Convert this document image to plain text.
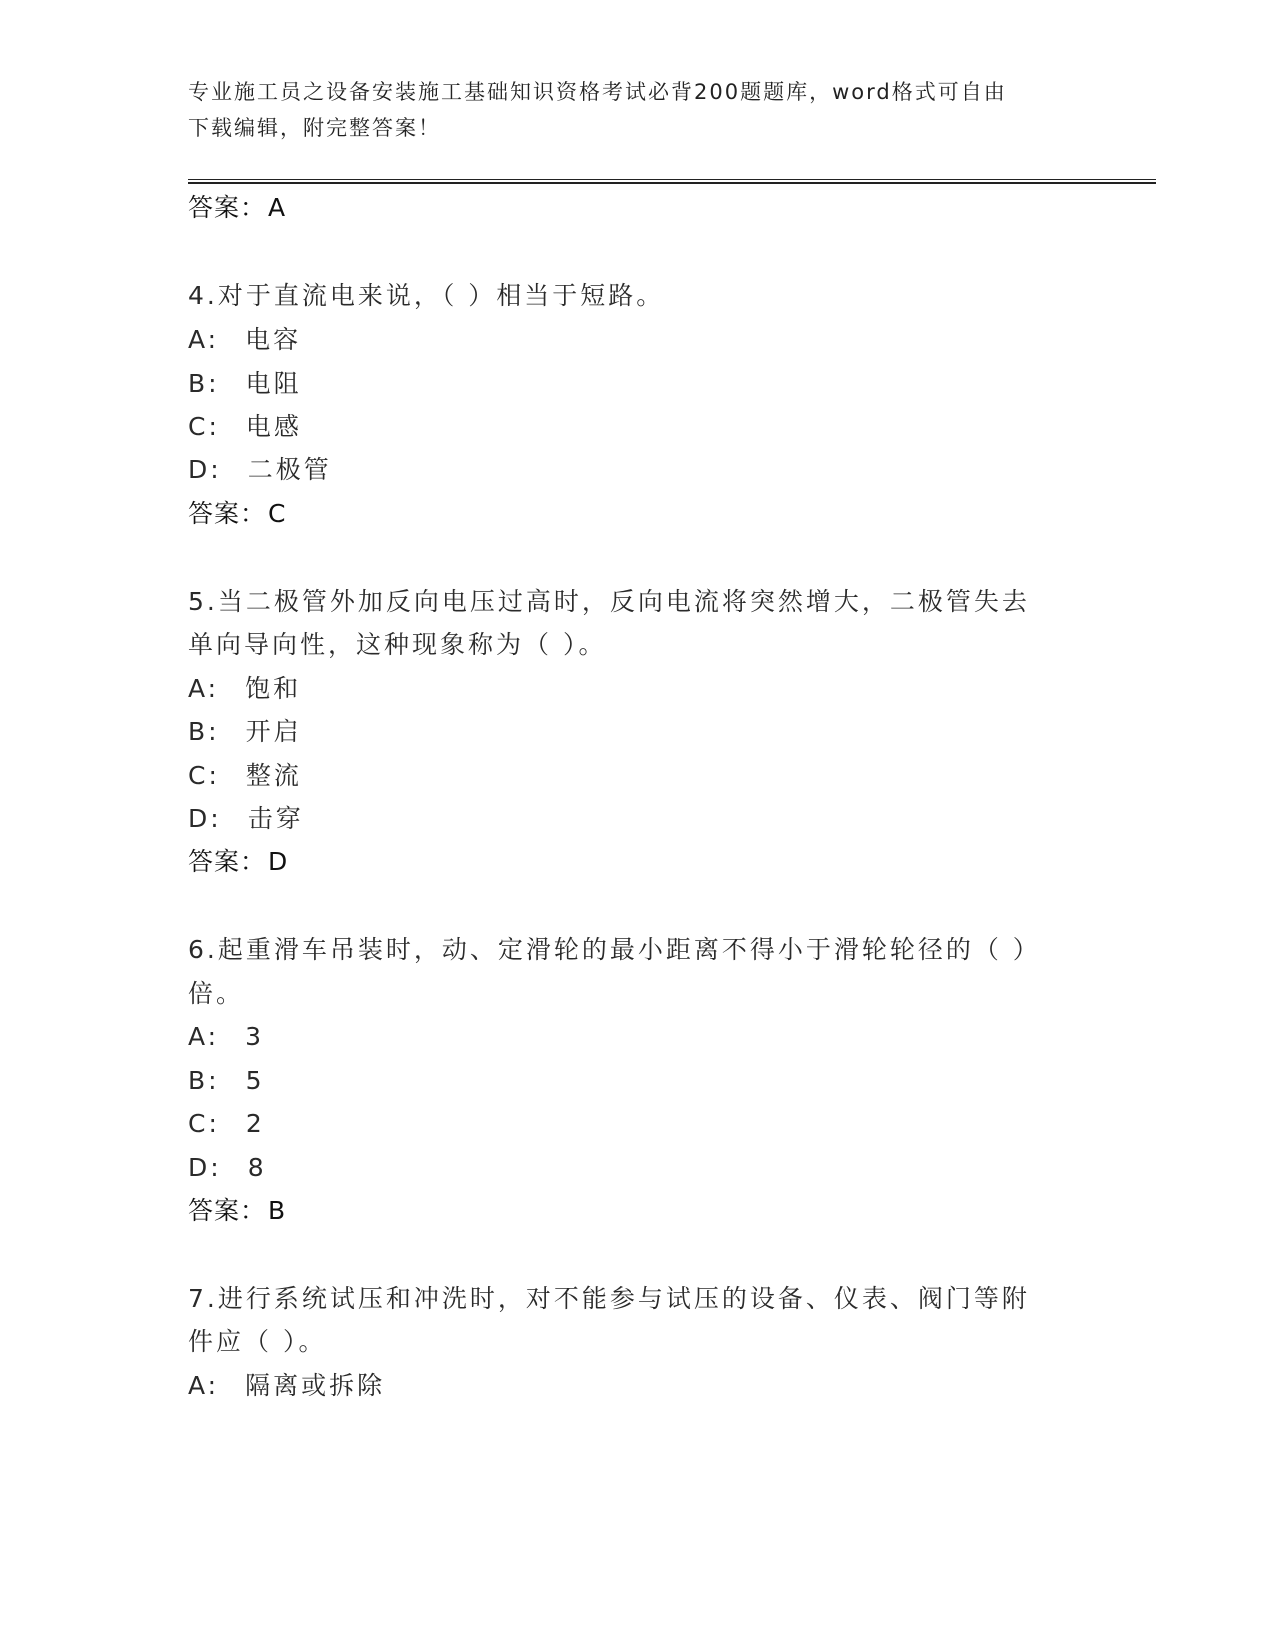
专业施工员之设备安装施工基础知识资格考试必背200题题库，word格式可自由
下载编辑，附完整答案！
答案：A
4.对于直流电来说，（ ）相当于短路。
A: 电容
B: 电阻
C: 电感
D: 二极管
答案：C
5.当二极管外加反向电压过高时，反向电流将突然增大，二极管失去
单向导向性，这种现象称为（ ）。
A: 饱和
B: 开启
C: 整流
D: 击穿
答案：D
6.起重滑车吊装时，动、定滑轮的最小距离不得小于滑轮轮径的（ ）
倍。
A: 3
B: 5
C: 2
D: 8
答案：B
7.进行系统试压和冲洗时，对不能参与试压的设备、仪表、阀门等附
件应（ ）。
A: 隔离或拆除
